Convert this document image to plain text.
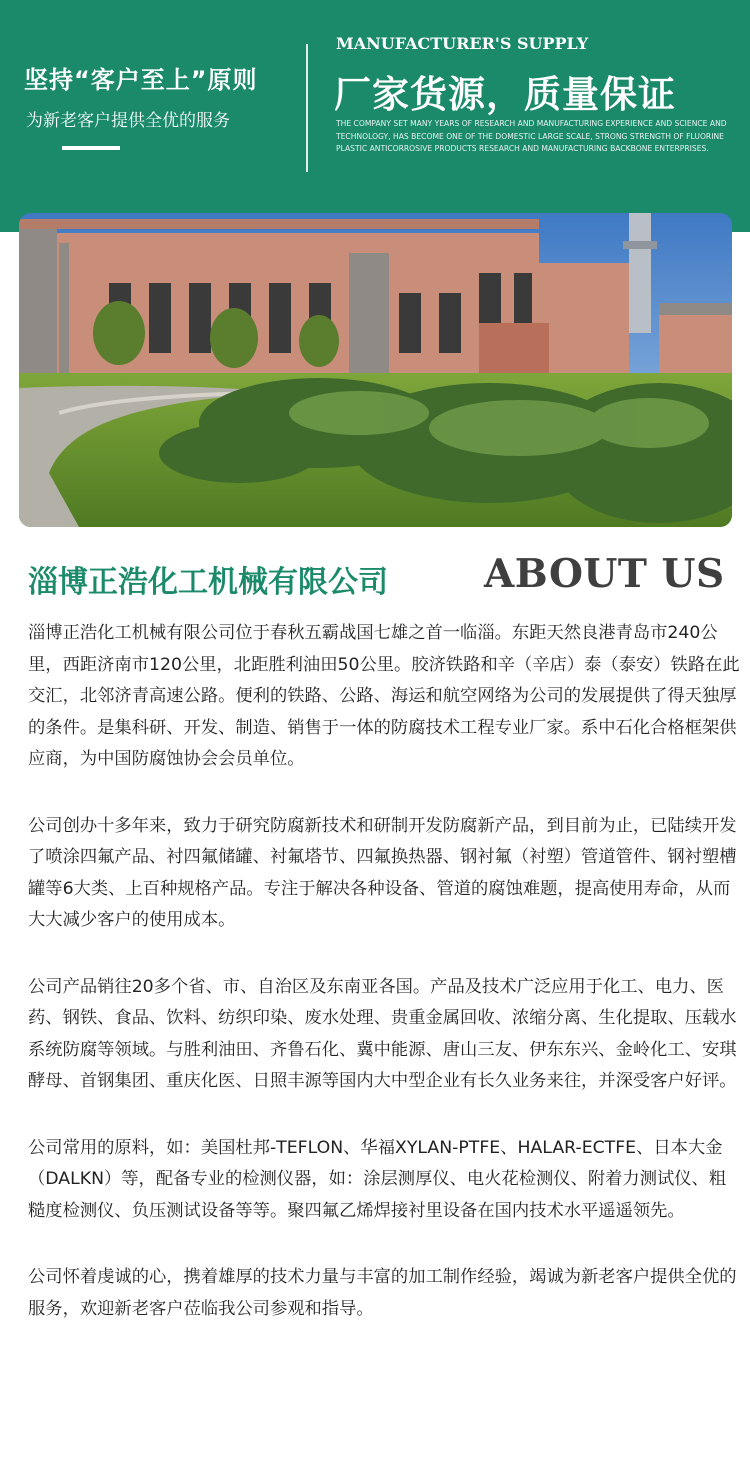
坚持“客户至上”原则
为新老客户提供全优的服务
MANUFACTURER'S SUPPLY
厂家货源，质量保证
THE COMPANY SET MANY YEARS OF RESEARCH AND MANUFACTURING EXPERIENCE AND SCIENCE AND TECHNOLOGY, HAS BECOME ONE OF THE DOMESTIC LARGE SCALE, STRONG STRENGTH OF FLUORINE PLASTIC ANTICORROSIVE PRODUCTS RESEARCH AND MANUFACTURING BACKBONE ENTERPRISES.
淄博正浩化工机械有限公司 ABOUT US

淄博正浩化工机械有限公司位于春秋五霸战国七雄之首一临淄。东距天然良港青岛市240公里，西距济南市120公里，北距胜利油田50公里。胶济铁路和辛（辛店）泰（泰安）铁路在此交汇，北邻济青高速公路。便利的铁路、公路、海运和航空网络为公司的发展提供了得天独厚的条件。是集科研、开发、制造、销售于一体的防腐技术工程专业厂家。系中石化合格框架供应商，为中国防腐蚀协会会员单位。

公司创办十多年来，致力于研究防腐新技术和研制开发防腐新产品，到目前为止，已陆续开发了喷涂四氟产品、衬四氟储罐、衬氟塔节、四氟换热器、钢衬氟（衬塑）管道管件、钢衬塑槽罐等6大类、上百种规格产品。专注于解决各种设备、管道的腐蚀难题，提高使用寿命，从而大大减少客户的使用成本。

公司产品销往20多个省、市、自治区及东南亚各国。产品及技术广泛应用于化工、电力、医药、钢铁、食品、饮料、纺织印染、废水处理、贵重金属回收、浓缩分离、生化提取、压载水系统防腐等领域。与胜利油田、齐鲁石化、冀中能源、唐山三友、伊东东兴、金岭化工、安琪酵母、首钢集团、重庆化医、日照丰源等国内大中型企业有长久业务来往，并深受客户好评。

公司常用的原料，如：美国杜邦-TEFLON、华福XYLAN-PTFE、HALAR-ECTFE、日本大金（DALKN）等，配备专业的检测仪器，如：涂层测厚仪、电火花检测仪、附着力测试仪、粗糙度检测仪、负压测试设备等等。聚四氟乙烯焊接衬里设备在国内技术水平遥遥领先。

公司怀着虔诚的心，携着雄厚的技术力量与丰富的加工制作经验，竭诚为新老客户提供全优的服务，欢迎新老客户莅临我公司参观和指导。
